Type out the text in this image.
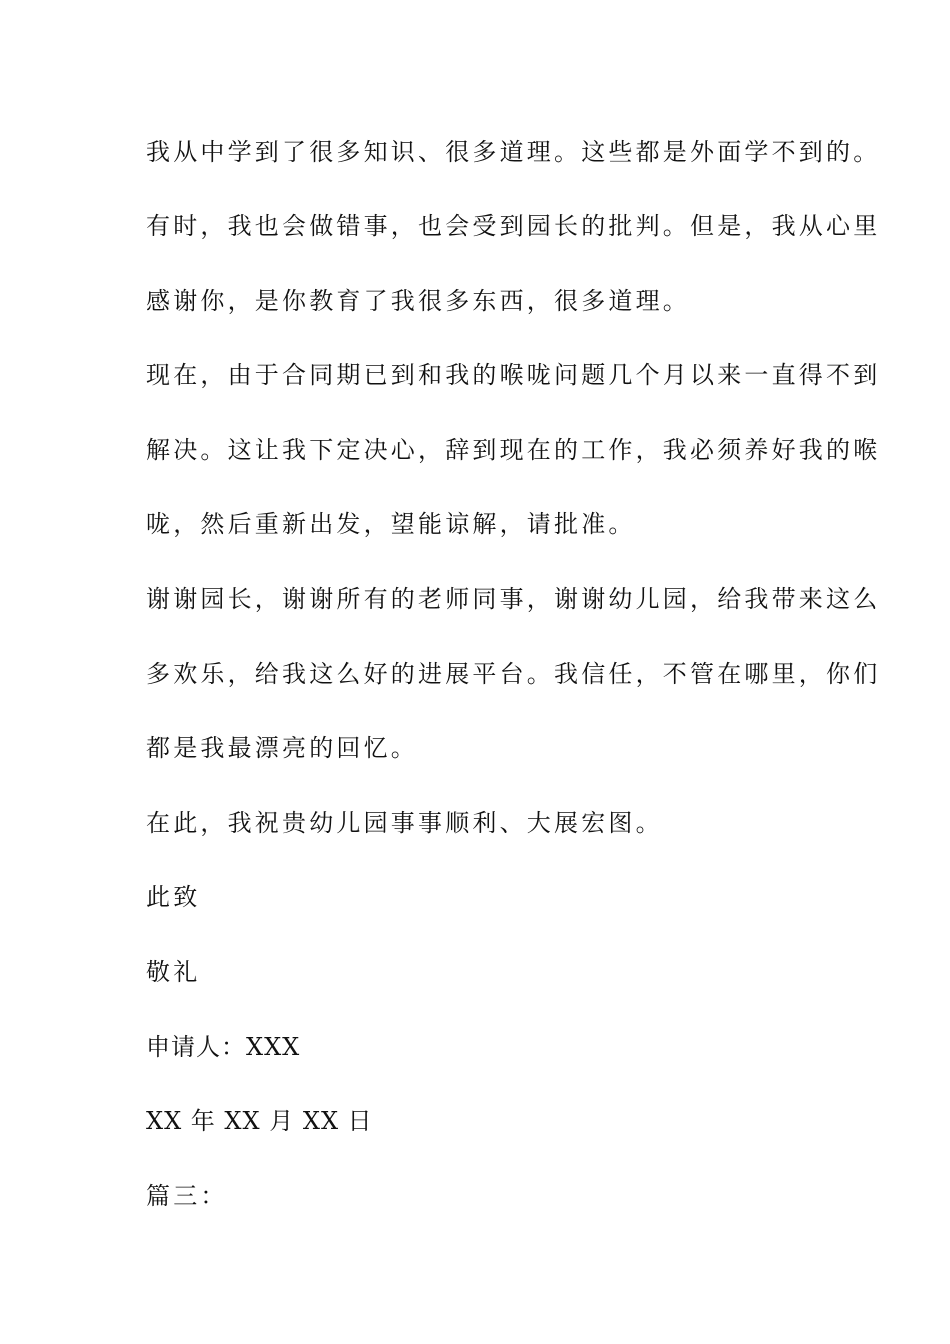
我从中学到了很多知识、很多道理。这些都是外面学不到的。
有时，我也会做错事，也会受到园长的批判。但是，我从心里
感谢你，是你教育了我很多东西，很多道理。
现在，由于合同期已到和我的喉咙问题几个月以来一直得不到
解决。这让我下定决心，辞到现在的工作，我必须养好我的喉
咙，然后重新出发，望能谅解，请批准。
谢谢园长，谢谢所有的老师同事，谢谢幼儿园，给我带来这么
多欢乐，给我这么好的进展平台。我信任，不管在哪里，你们
都是我最漂亮的回忆。
在此，我祝贵幼儿园事事顺利、大展宏图。
此致
敬礼
申请人：XXX
XX 年 XX 月 XX 日
篇三：
